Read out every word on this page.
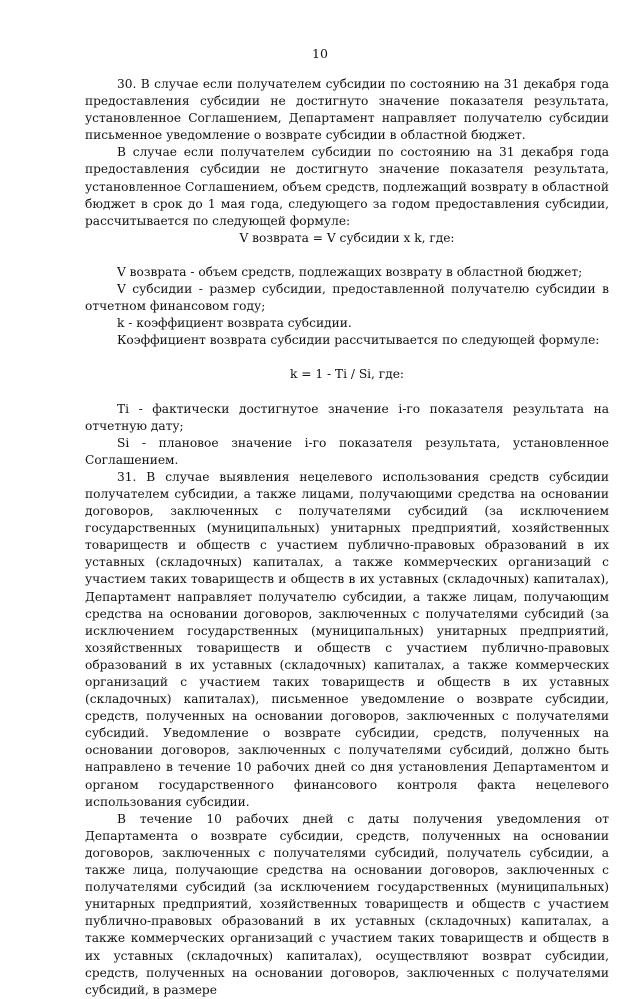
10

30. В случае если получателем субсидии по состоянию на 31 декабря года предоставления субсидии не достигнуто значение показателя результата, установленное Соглашением, Департамент направляет получателю субсидии письменное уведомление о возврате субсидии в областной бюджет.

В случае если получателем субсидии по состоянию на 31 декабря года предоставления субсидии не достигнуто значение показателя результата, установленное Соглашением, объем средств, подлежащий возврату в областной бюджет в срок до 1 мая года, следующего за годом предоставления субсидии, рассчитывается по следующей формуле:

V возврата = V субсидии х k, где:

V возврата - объем средств, подлежащих возврату в областной бюджет;

V субсидии - размер субсидии, предоставленной получателю субсидии в отчетном финансовом году;

k - коэффициент возврата субсидии.

Коэффициент возврата субсидии рассчитывается по следующей формуле:

k = 1 - Ti / Si, где:

Ti - фактически достигнутое значение i-го показателя результата на отчетную дату;

Si - плановое значение i-го показателя результата, установленное Соглашением.

31. В случае выявления нецелевого использования средств субсидии получателем субсидии, а также лицами, получающими средства на основании договоров, заключенных с получателями субсидий (за исключением государственных (муниципальных) унитарных предприятий, хозяйственных товариществ и обществ с участием публично-правовых образований в их уставных (складочных) капиталах, а также коммерческих организаций с участием таких товариществ и обществ в их уставных (складочных) капиталах), Департамент направляет получателю субсидии, а также лицам, получающим средства на основании договоров, заключенных с получателями субсидий (за исключением государственных (муниципальных) унитарных предприятий, хозяйственных товариществ и обществ с участием публично-правовых образований в их уставных (складочных) капиталах, а также коммерческих организаций с участием таких товариществ и обществ в их уставных (складочных) капиталах), письменное уведомление о возврате субсидии, средств, полученных на основании договоров, заключенных с получателями субсидий. Уведомление о возврате субсидии, средств, полученных на основании договоров, заключенных с получателями субсидий, должно быть направлено в течение 10 рабочих дней со дня установления Департаментом и органом государственного финансового контроля факта нецелевого использования субсидии.

В течение 10 рабочих дней с даты получения уведомления от Департамента о возврате субсидии, средств, полученных на основании договоров, заключенных с получателями субсидий, получатель субсидии, а также лица, получающие средства на основании договоров, заключенных с получателями субсидий (за исключением государственных (муниципальных) унитарных предприятий, хозяйственных товариществ и обществ с участием публично-правовых образований в их уставных (складочных) капиталах, а также коммерческих организаций с участием таких товариществ и обществ в их уставных (складочных) капиталах), осуществляют возврат субсидии, средств, полученных на основании договоров, заключенных с получателями субсидий, в размере
